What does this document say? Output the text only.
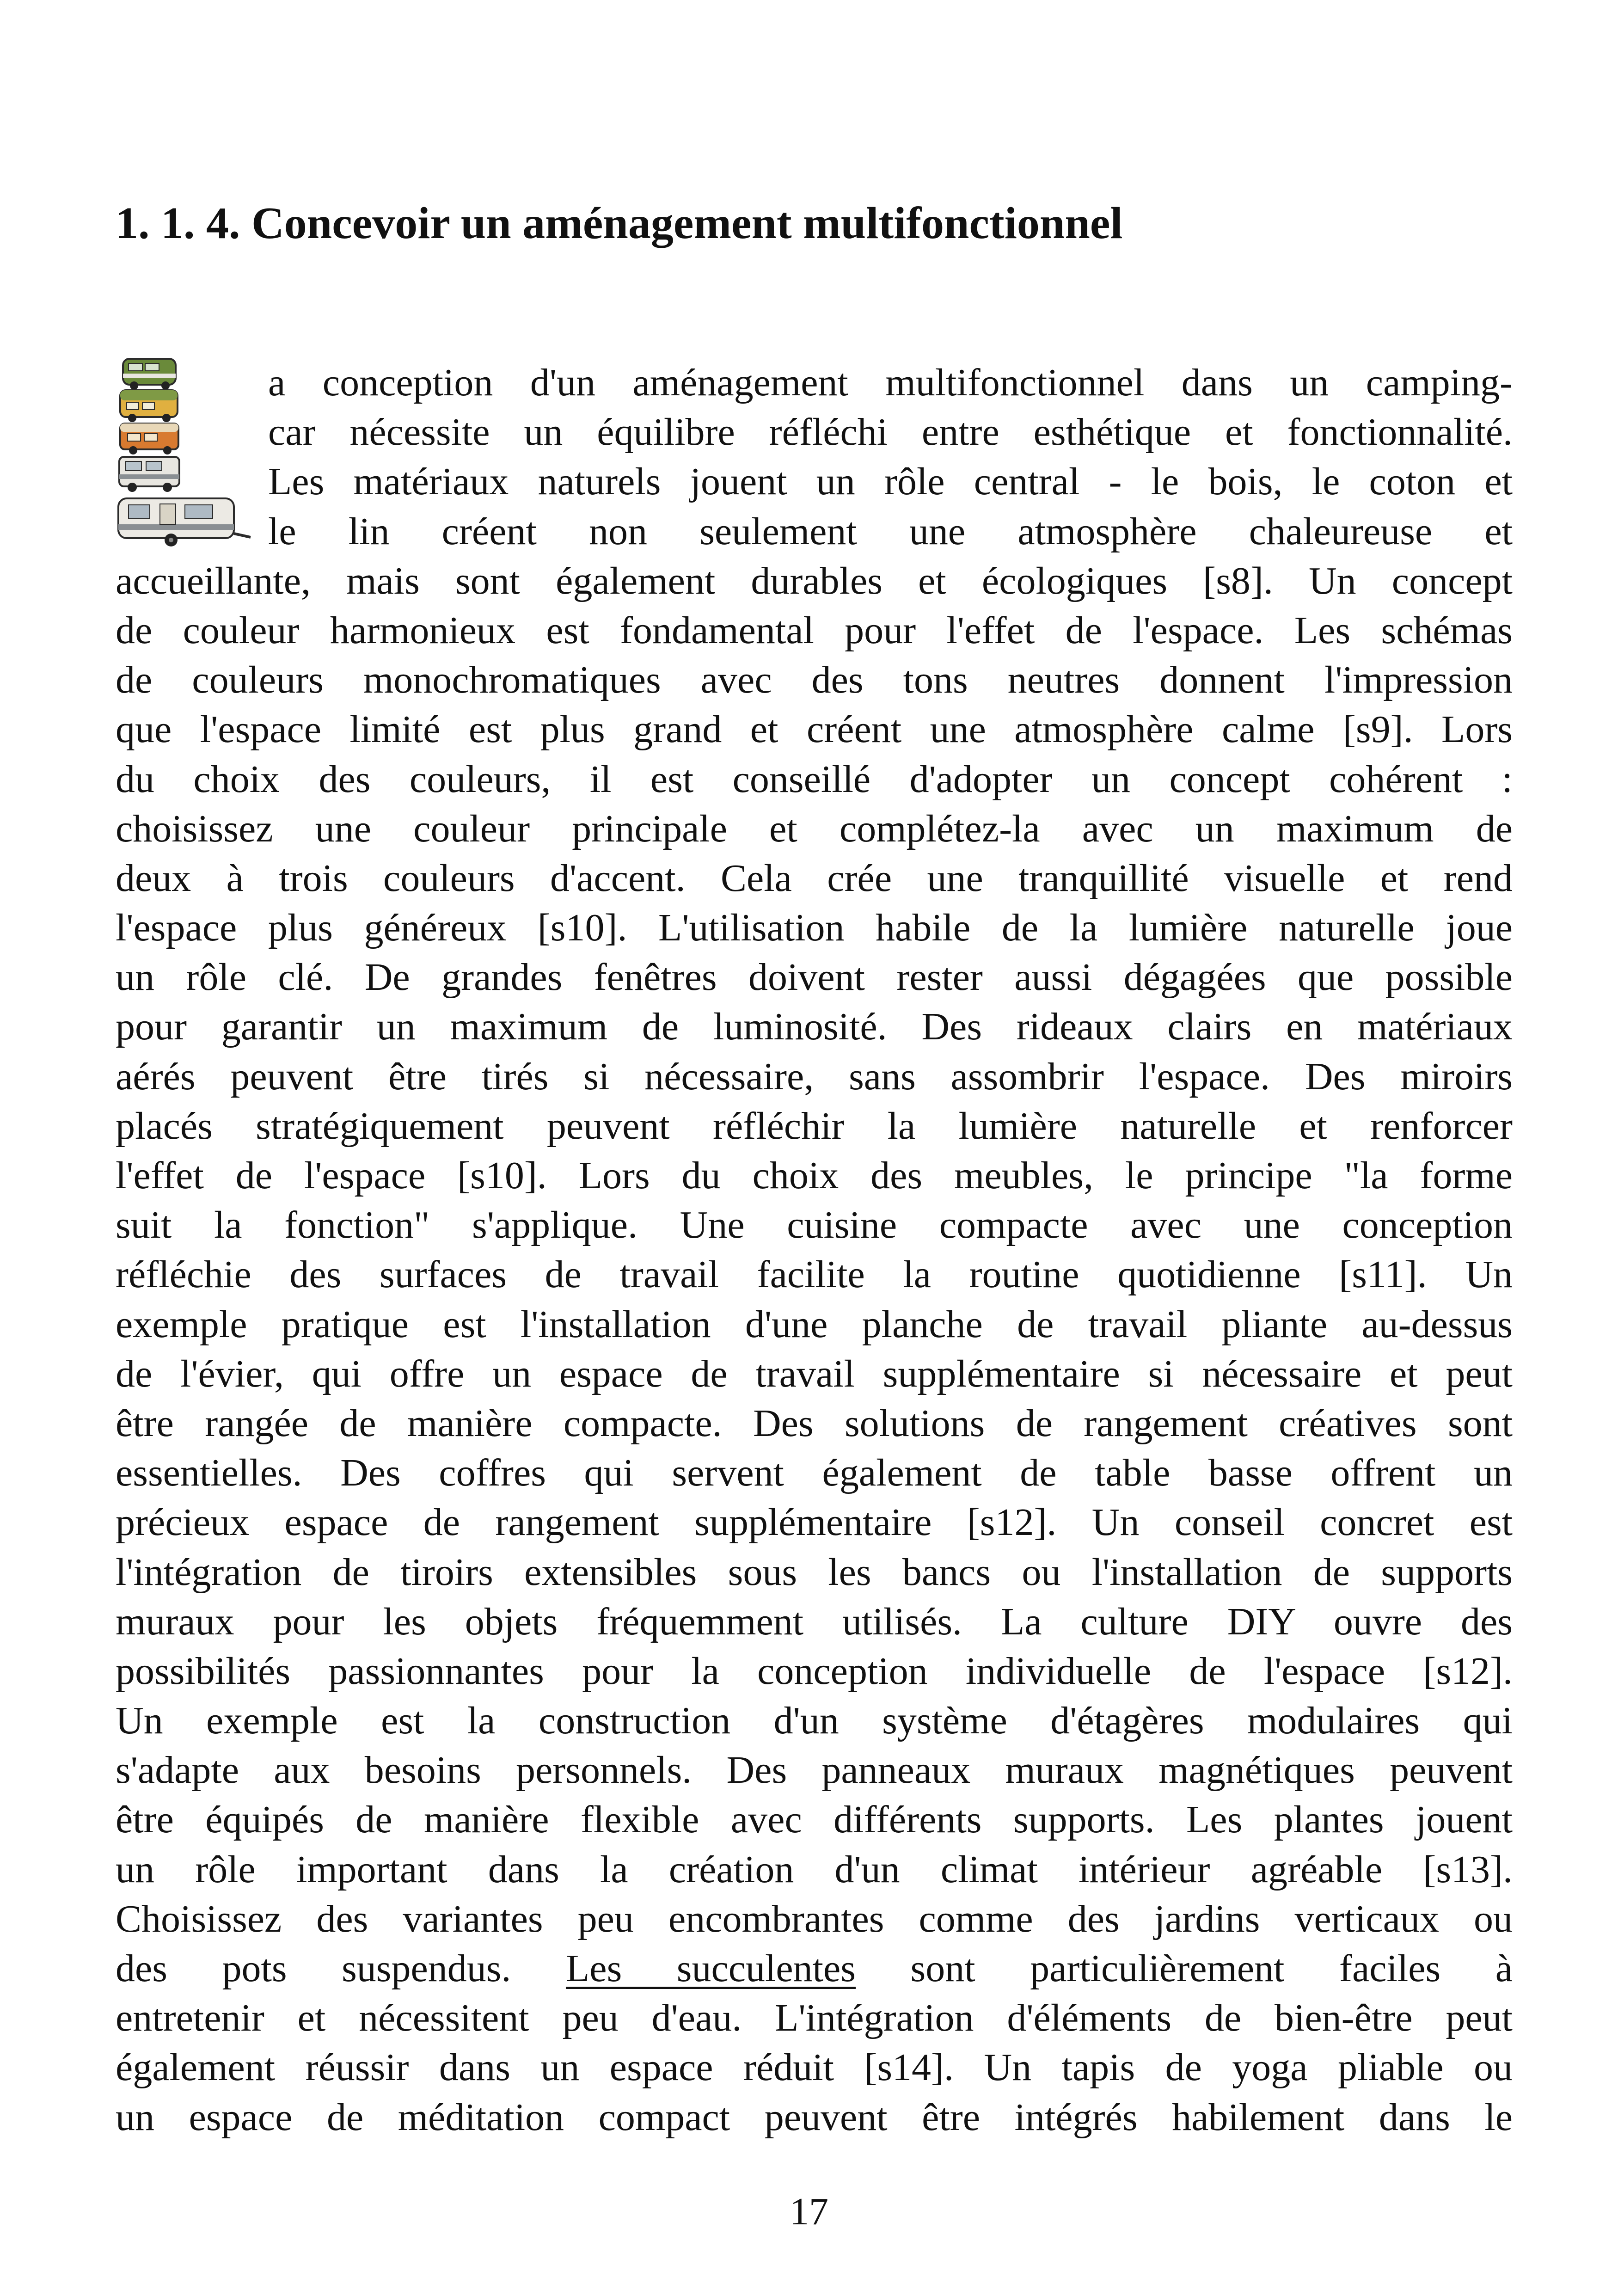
1. 1. 4. Concevoir un aménagement multifonctionnel
a conception d'un aménagement multifonctionnel dans un camping-
car nécessite un équilibre réfléchi entre esthétique et fonctionnalité.
Les matériaux naturels jouent un rôle central - le bois, le coton et
le lin créent non seulement une atmosphère chaleureuse et
accueillante, mais sont également durables et écologiques [s8]. Un concept
de couleur harmonieux est fondamental pour l'effet de l'espace. Les schémas
de couleurs monochromatiques avec des tons neutres donnent l'impression
que l'espace limité est plus grand et créent une atmosphère calme [s9]. Lors
du choix des couleurs, il est conseillé d'adopter un concept cohérent :
choisissez une couleur principale et complétez-la avec un maximum de
deux à trois couleurs d'accent. Cela crée une tranquillité visuelle et rend
l'espace plus généreux [s10]. L'utilisation habile de la lumière naturelle joue
un rôle clé. De grandes fenêtres doivent rester aussi dégagées que possible
pour garantir un maximum de luminosité. Des rideaux clairs en matériaux
aérés peuvent être tirés si nécessaire, sans assombrir l'espace. Des miroirs
placés stratégiquement peuvent réfléchir la lumière naturelle et renforcer
l'effet de l'espace [s10]. Lors du choix des meubles, le principe "la forme
suit la fonction" s'applique. Une cuisine compacte avec une conception
réfléchie des surfaces de travail facilite la routine quotidienne [s11]. Un
exemple pratique est l'installation d'une planche de travail pliante au-dessus
de l'évier, qui offre un espace de travail supplémentaire si nécessaire et peut
être rangée de manière compacte. Des solutions de rangement créatives sont
essentielles. Des coffres qui servent également de table basse offrent un
précieux espace de rangement supplémentaire [s12]. Un conseil concret est
l'intégration de tiroirs extensibles sous les bancs ou l'installation de supports
muraux pour les objets fréquemment utilisés. La culture DIY ouvre des
possibilités passionnantes pour la conception individuelle de l'espace [s12].
Un exemple est la construction d'un système d'étagères modulaires qui
s'adapte aux besoins personnels. Des panneaux muraux magnétiques peuvent
être équipés de manière flexible avec différents supports. Les plantes jouent
un rôle important dans la création d'un climat intérieur agréable [s13].
Choisissez des variantes peu encombrantes comme des jardins verticaux ou
des pots suspendus. Les succulentes sont particulièrement faciles à
entretenir et nécessitent peu d'eau. L'intégration d'éléments de bien-être peut
également réussir dans un espace réduit [s14]. Un tapis de yoga pliable ou
un espace de méditation compact peuvent être intégrés habilement dans le
17
